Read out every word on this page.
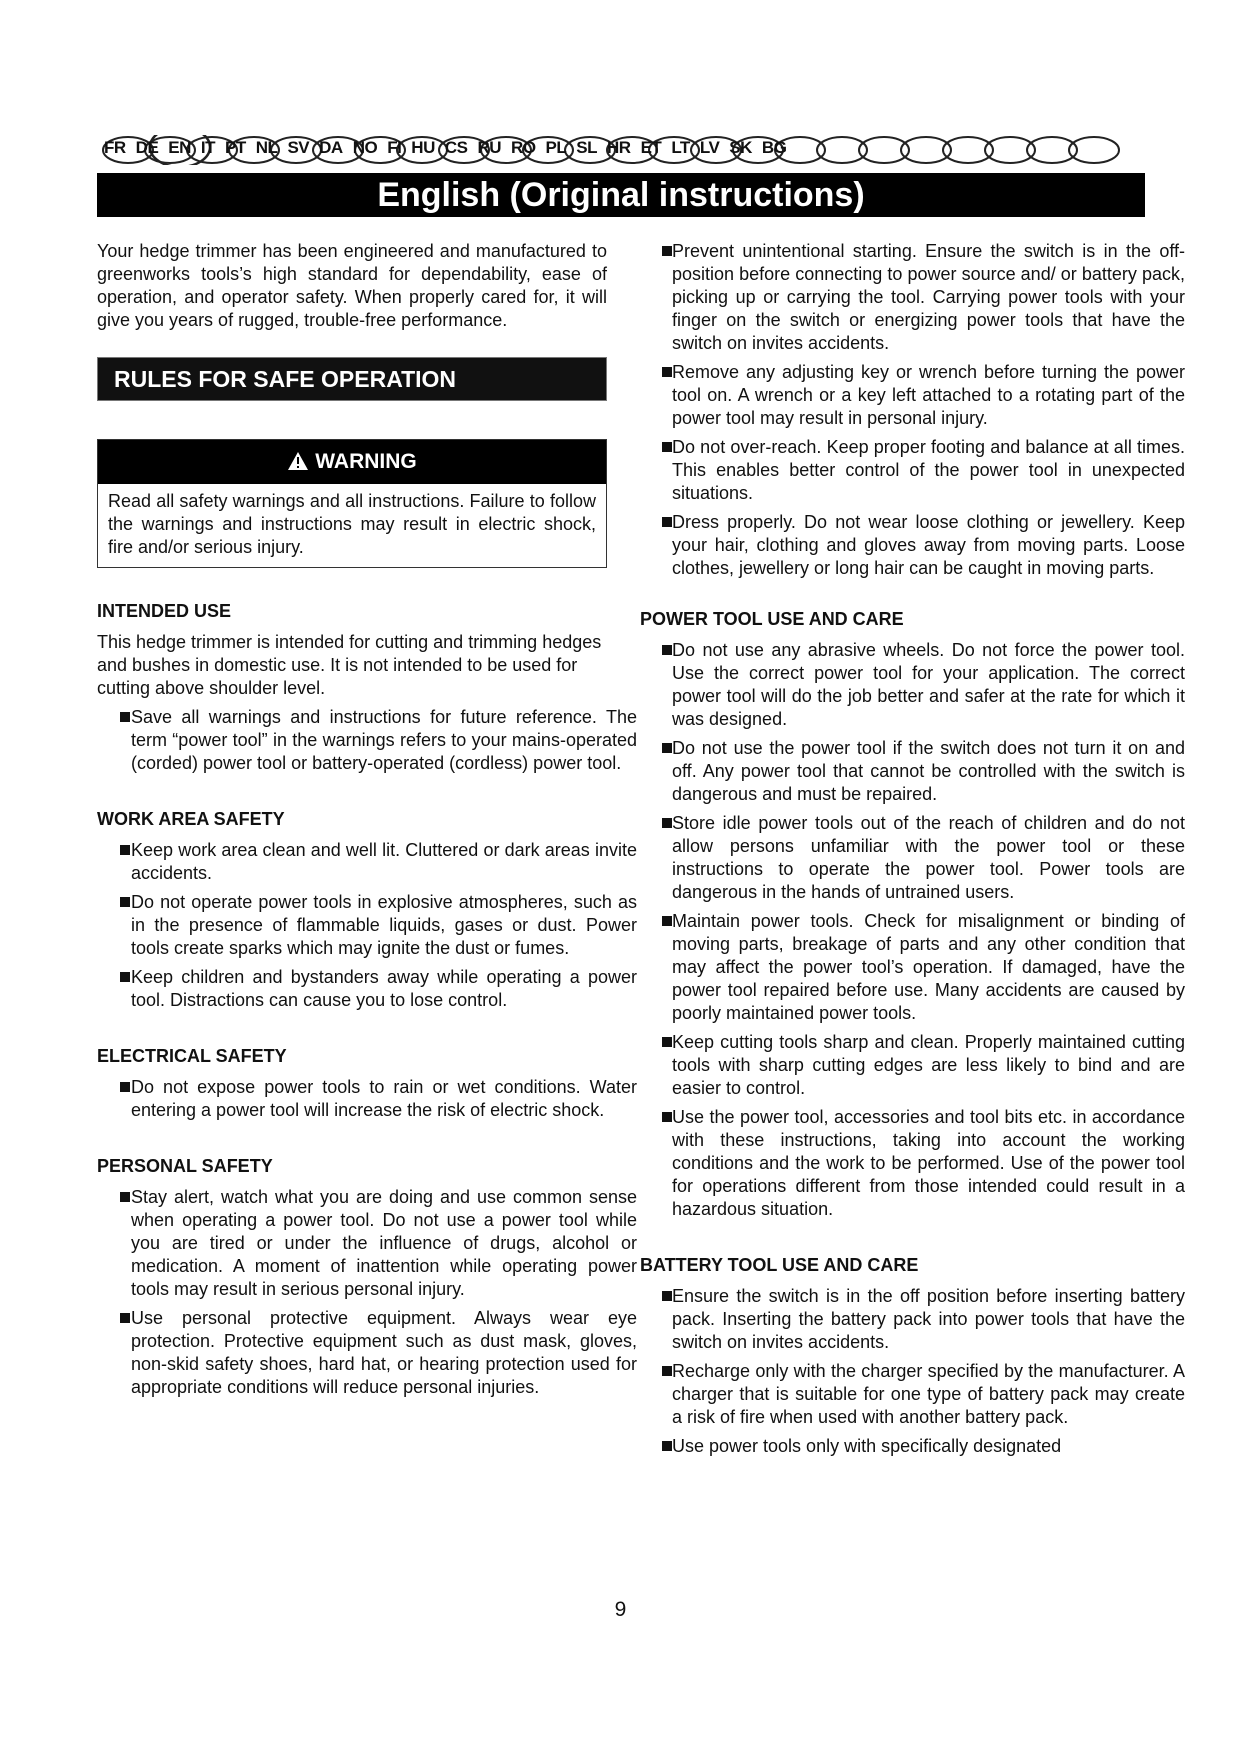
FR DE EN IT PT NL SV DA NO FI HU CS RU RO PL SL HR ET LT LV SK BG
English (Original instructions)

Your hedge trimmer has been engineered and manufactured to greenworks tools’s high standard for dependability, ease of operation, and operator safety. When properly cared for, it will give you years of rugged, trouble-free performance.

RULES FOR SAFE OPERATION
WARNING

Read all safety warnings and all instructions. Failure to follow the warnings and instructions may result in electric shock, fire and/or serious injury.

INTENDED USE

This hedge trimmer is intended for cutting and trimming hedges and bushes in domestic use. It is not intended to be used for cutting above shoulder level.

Save all warnings and instructions for future reference. The term “power tool” in the warnings refers to your mains-operated (corded) power tool or battery-operated (cordless) power tool.
WORK AREA SAFETY
Keep work area clean and well lit. Cluttered or dark areas invite accidents.
Do not operate power tools in explosive atmospheres, such as in the presence of flammable liquids, gases or dust. Power tools create sparks which may ignite the dust or fumes.
Keep children and bystanders away while operating a power tool. Distractions can cause you to lose control.
ELECTRICAL SAFETY
Do not expose power tools to rain or wet conditions. Water entering a power tool will increase the risk of electric shock.
PERSONAL SAFETY
Stay alert, watch what you are doing and use common sense when operating a power tool. Do not use a power tool while you are tired or under the influence of drugs, alcohol or medication. A moment of inattention while operating power tools may result in serious personal injury.
Use personal protective equipment. Always wear eye protection. Protective equipment such as dust mask, gloves, non-skid safety shoes, hard hat, or hearing protection used for appropriate conditions will reduce personal injuries.
Prevent unintentional starting. Ensure the switch is in the off-position before connecting to power source and/ or battery pack, picking up or carrying the tool. Carrying power tools with your finger on the switch or energizing power tools that have the switch on invites accidents.
Remove any adjusting key or wrench before turning the power tool on. A wrench or a key left attached to a rotating part of the power tool may result in personal injury.
Do not over-reach. Keep proper footing and balance at all times. This enables better control of the power tool in unexpected situations.
Dress properly. Do not wear loose clothing or jewellery. Keep your hair, clothing and gloves away from moving parts. Loose clothes, jewellery or long hair can be caught in moving parts.
POWER TOOL USE AND CARE
Do not use any abrasive wheels. Do not force the power tool. Use the correct power tool for your application. The correct power tool will do the job better and safer at the rate for which it was designed.
Do not use the power tool if the switch does not turn it on and off. Any power tool that cannot be controlled with the switch is dangerous and must be repaired.
Store idle power tools out of the reach of children and do not allow persons unfamiliar with the power tool or these instructions to operate the power tool. Power tools are dangerous in the hands of untrained users.
Maintain power tools. Check for misalignment or binding of moving parts, breakage of parts and any other condition that may affect the power tool’s operation. If damaged, have the power tool repaired before use. Many accidents are caused by poorly maintained power tools.
Keep cutting tools sharp and clean. Properly maintained cutting tools with sharp cutting edges are less likely to bind and are easier to control.
Use the power tool, accessories and tool bits etc. in accordance with these instructions, taking into account the working conditions and the work to be performed. Use of the power tool for operations different from those intended could result in a hazardous situation.
BATTERY TOOL USE AND CARE
Ensure the switch is in the off position before inserting battery pack. Inserting the battery pack into power tools that have the switch on invites accidents.
Recharge only with the charger specified by the manufacturer. A charger that is suitable for one type of battery pack may create a risk of fire when used with another battery pack.
Use power tools only with specifically designated
9
